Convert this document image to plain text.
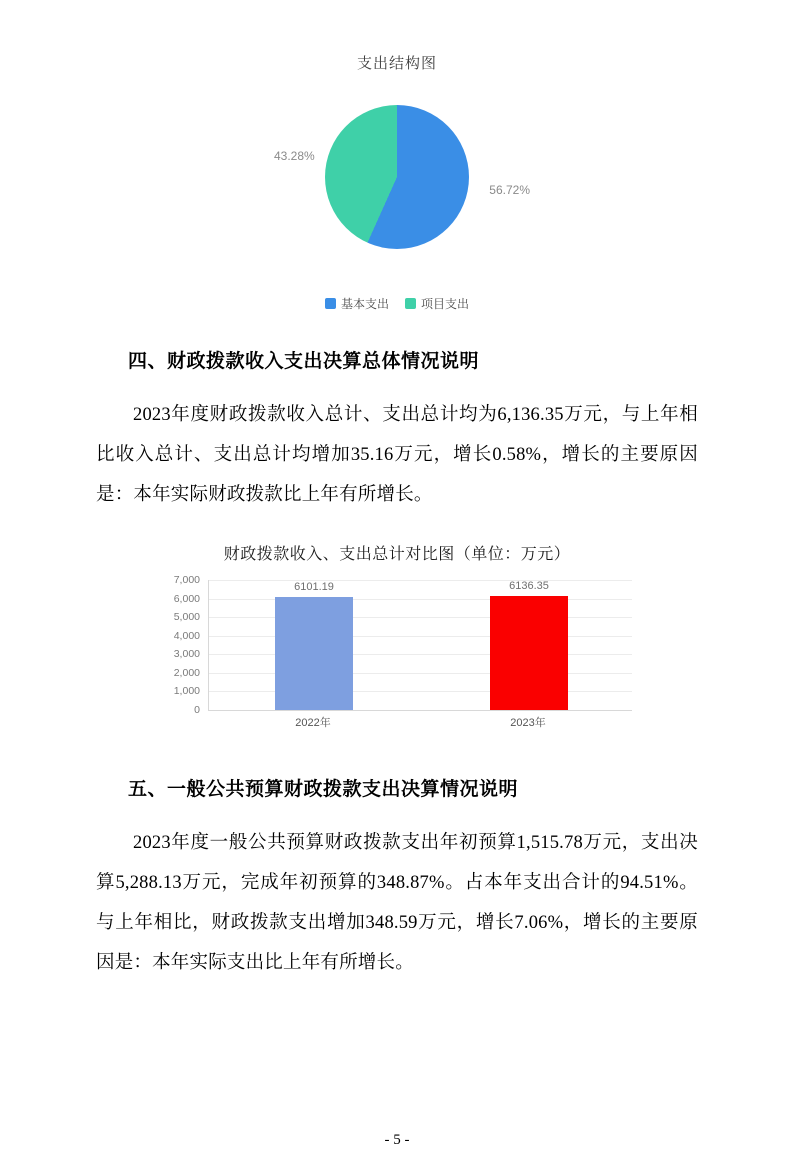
支出结构图
43.28%
56.72%
基本支出	项目支出
四、财政拨款收入支出决算总体情况说明

2023年度财政拨款收入总计、支出总计均为6,136.35万元，与上年相比收入总计、支出总计均增加35.16万元，增长0.58%，增长的主要原因是：本年实际财政拨款比上年有所增长。

财政拨款收入、支出总计对比图（单位：万元）
7,000
6,000
5,000
4,000
3,000
2,000
1,000
0
6101.19	6136.35
2022年	2023年
五、一般公共预算财政拨款支出决算情况说明

2023年度一般公共预算财政拨款支出年初预算1,515.78万元，支出决算5,288.13万元，完成年初预算的348.87%。占本年支出合计的94.51%。与上年相比，财政拨款支出增加348.59万元，增长7.06%，增长的主要原因是：本年实际支出比上年有所增长。

- 5 -
